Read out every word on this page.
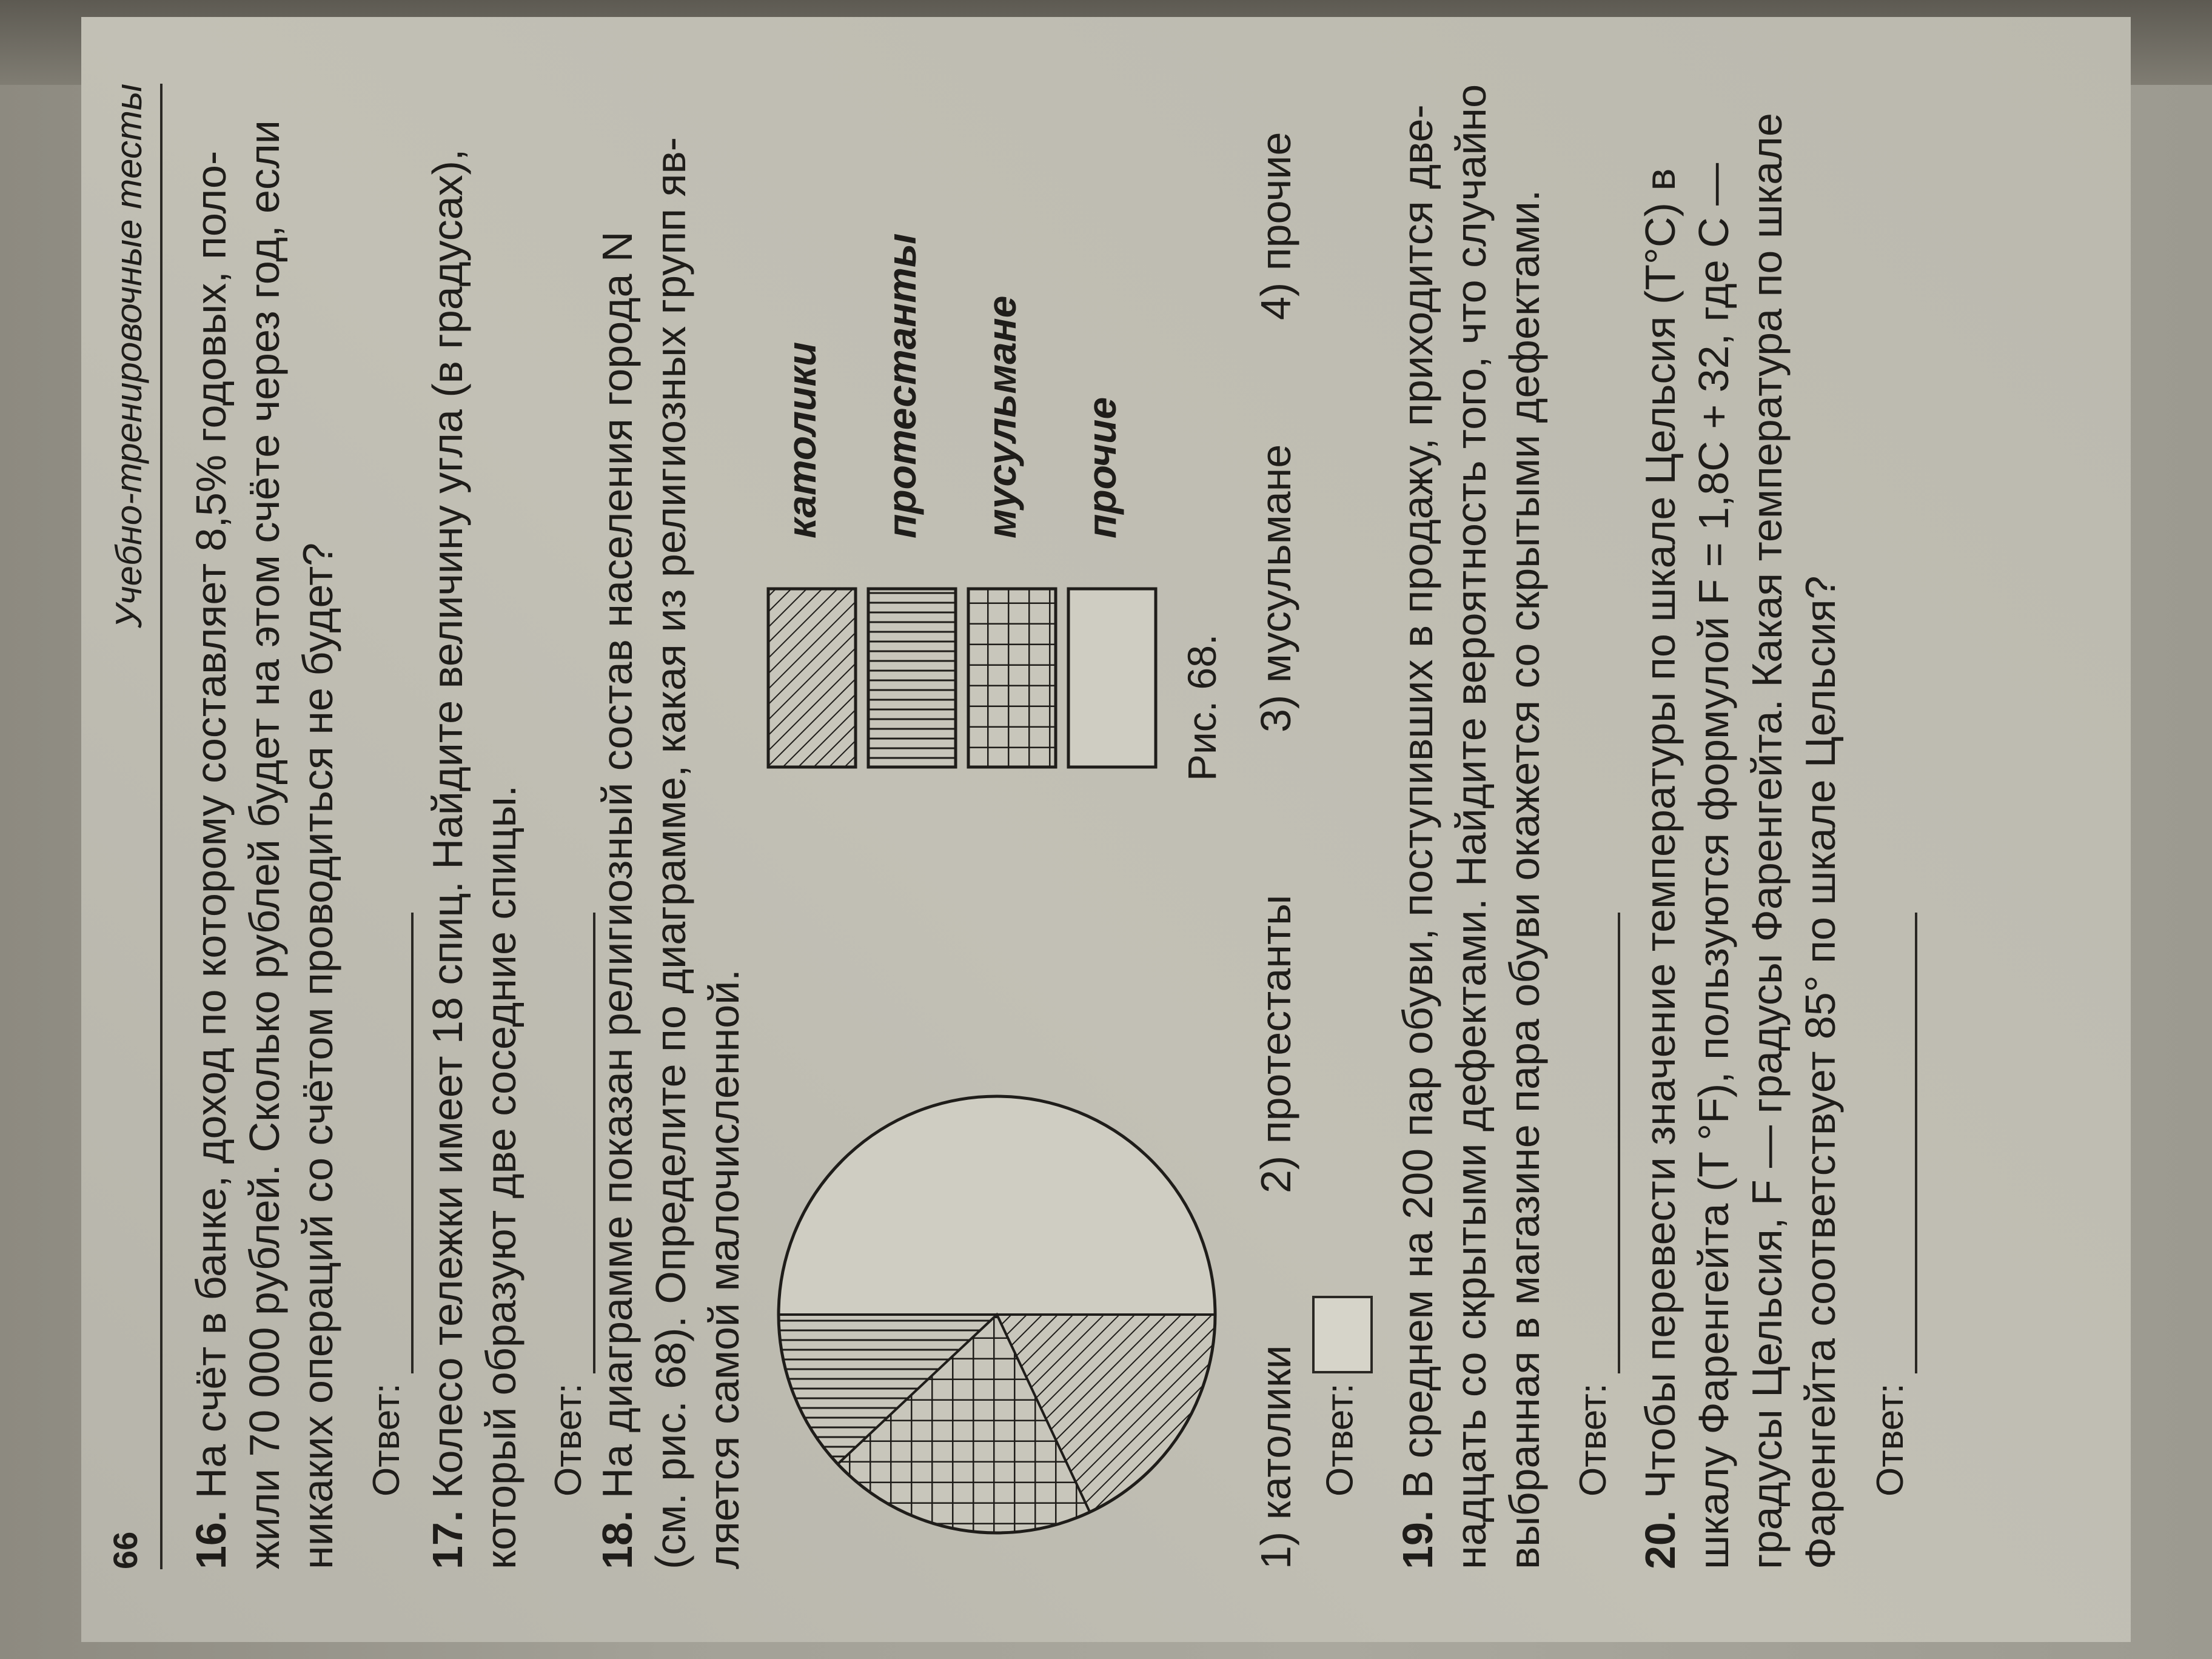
66
Учебно-тренировочные тесты
16. На счёт в банке, доход по которому составляет 8,5% годовых, поло- жили 70 000 рублей. Сколько рублей будет на этом счёте через год, если никаких операций со счётом проводиться не будет? Ответ:
17. Колесо тележки имеет 18 спиц. Найдите величину угла (в градусах), который образуют две соседние спицы. Ответ:
18. На диаграмме показан религиозный состав населения города N (см. рис. 68). Определите по диаграмме, какая из религиозных групп яв- ляется самой малочисленной.
католики протестанты мусульмане прочие
Рис. 68.
1) католики
2) протестанты
3) мусульмане
4) прочие
Ответ:
19. В среднем на 200 пар обуви, поступивших в продажу, приходится две- надцать со скрытыми дефектами. Найдите вероятность того, что случайно выбранная в магазине пара обуви окажется со скрытыми дефектами. Ответ:
20. Чтобы перевести значение температуры по шкале Цельсия (T°C) в шкалу Фаренгейта (T °F), пользуются формулой F = 1,8C + 32, где C — градусы Цельсия, F — градусы Фаренгейта. Какая температура по шкале Фаренгейта соответствует 85° по шкале Цельсия? Ответ:
